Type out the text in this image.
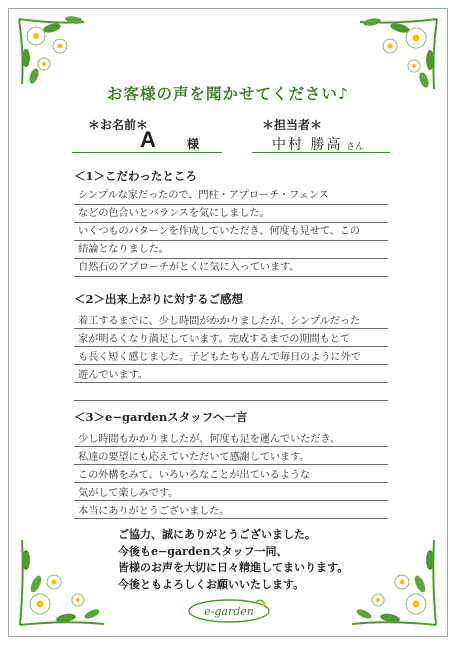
お客様の声を聞かせてください♪
＊お名前＊
A	様
＊担当者＊
中村 勝高 さん
＜1＞こだわったところ
シンプルな家だったので、門柱・アプローチ・フェンス
などの色合いとバランスを気にしました。
いくつものパターンを作成していただき、何度も見せて、この
結論となりました。
自然石のアプローチがとくに気に入っています。
＜2＞出来上がりに対するご感想
着工するまでに、少し時間がかかりましたが、シンプルだった
家が明るくなり満足しています。完成するまでの期間もとて
も長く短く感じました。子どもたちも喜んで毎日のように外で
遊んでいます。
＜3＞e−gardenスタッフへ一言
少し時間もかかりましたが、何度も足を運んでいただき、
私達の要望にも応えていただいて感謝しています。
この外構をみて、いろいろなことが出ているような
気がして楽しみです。
本当にありがとうございました。
ご協力、誠にありがとうございました。
今後もe−gardenスタッフ一同、
皆様のお声を大切に日々精進してまいります。
今後ともよろしくお願いいたします。
e-garden
